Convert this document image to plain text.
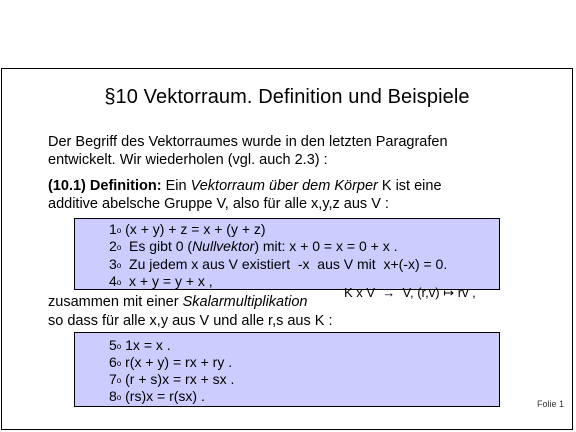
§10 Vektorraum. Definition und Beispiele
Der Begriff des Vektorraumes wurde in den letzten Paragrafen
entwickelt. Wir wiederholen (vgl. auch 2.3) :
(10.1) Definition: Ein Vektorraum über dem Körper K ist eine
additive abelsche Gruppe V, also für alle x,y,z aus V :
1$^o$ (x + y) + z = x + (y + z)
2$^o$  Es gibt 0 (Nullvektor) mit: x + 0 = x = 0 + x .
3$^o$  Zu jedem x aus V existiert  -x  aus V mit  x+(-x) = 0.
4$^o$  x + y = y + x ,
K x V  →  V, (r,v) ↦ rv ,
zusammen mit einer Skalarmultiplikation
so dass für alle x,y aus V und alle r,s aus K :
5$^o$ 1x = x .
6$^o$ r(x + y) = rx + ry .
7$^o$ (r + s)x = rx + sx .
8$^o$ (rs)x = r(sx) .	Folie 1
